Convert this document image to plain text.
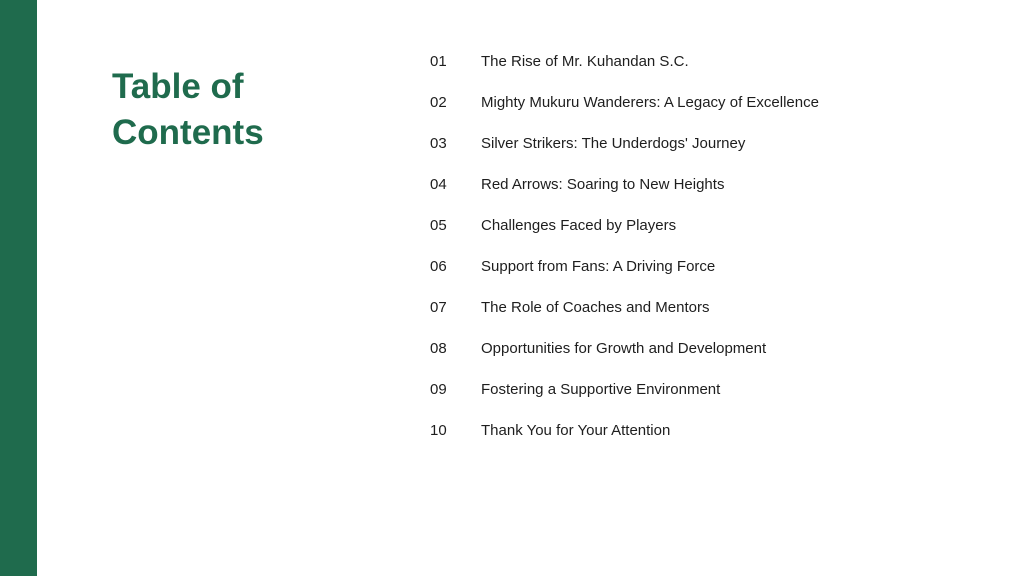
Table of Contents
01	The Rise of Mr. Kuhandan S.C.
02	Mighty Mukuru Wanderers: A Legacy of Excellence
03	Silver Strikers: The Underdogs' Journey
04	Red Arrows: Soaring to New Heights
05	Challenges Faced by Players
06	Support from Fans: A Driving Force
07	The Role of Coaches and Mentors
08	Opportunities for Growth and Development
09	Fostering a Supportive Environment
10	Thank You for Your Attention
